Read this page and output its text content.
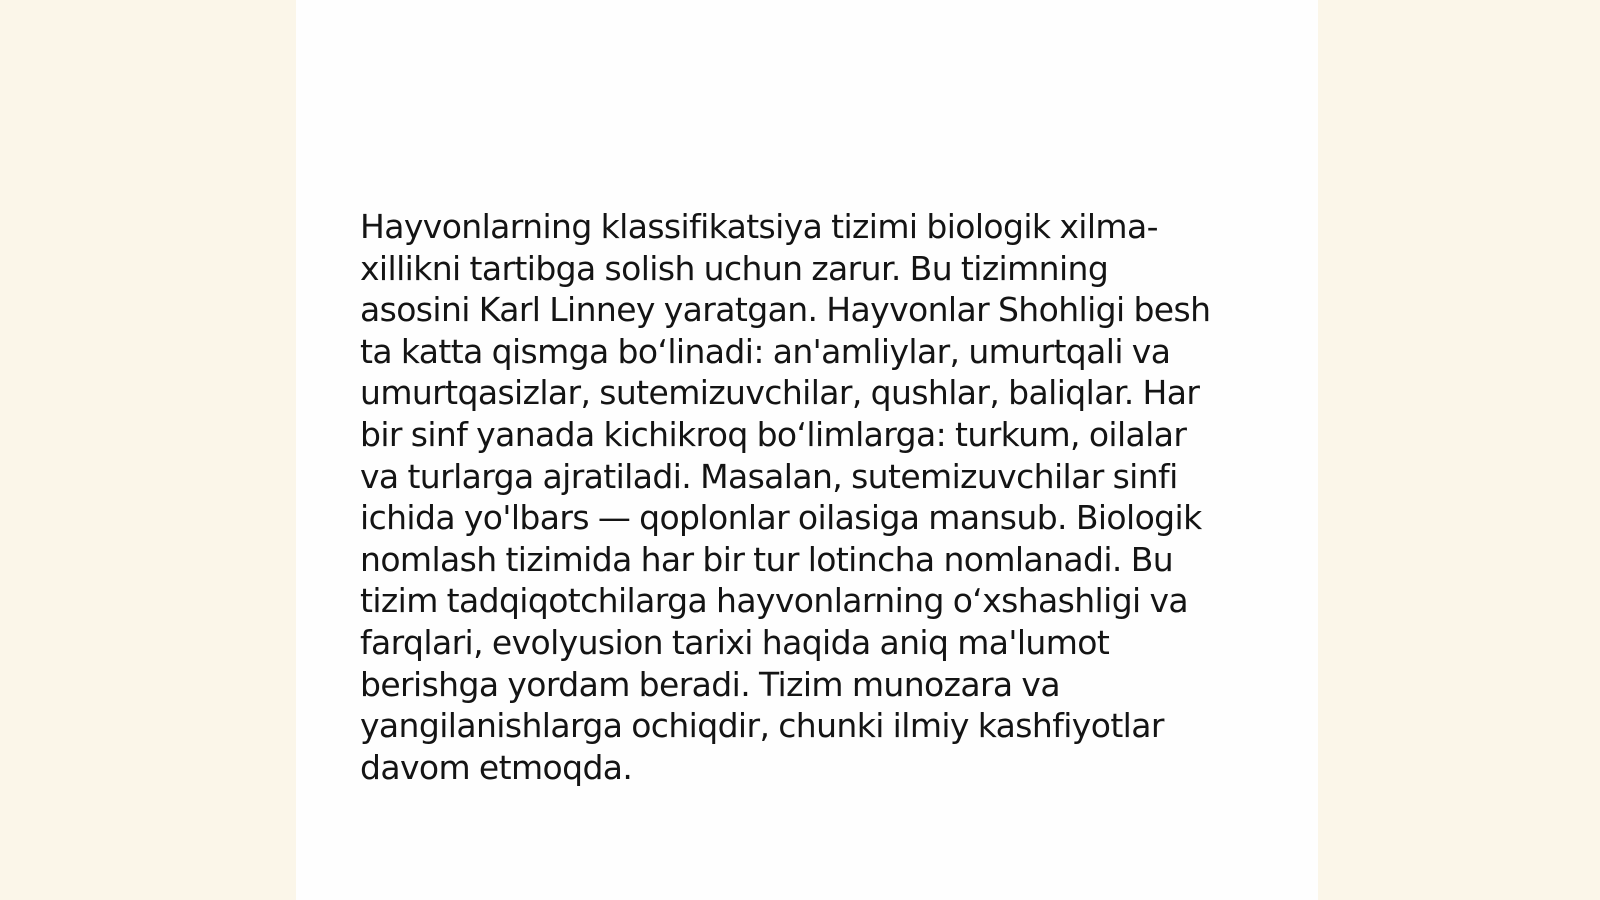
Hayvonlarning klassifikatsiya tizimi biologik xilma-
xillikni tartibga solish uchun zarur. Bu tizimning
asosini Karl Linney yaratgan. Hayvonlar Shohligi besh
ta katta qismga bo‘linadi: an'amliylar, umurtqali va
umurtqasizlar, sutemizuvchilar, qushlar, baliqlar. Har
bir sinf yanada kichikroq bo‘limlarga: turkum, oilalar
va turlarga ajratiladi. Masalan, sutemizuvchilar sinfi
ichida yo'lbars — qoplonlar oilasiga mansub. Biologik
nomlash tizimida har bir tur lotincha nomlanadi. Bu
tizim tadqiqotchilarga hayvonlarning o‘xshashligi va
farqlari, evolyusion tarixi haqida aniq ma'lumot
berishga yordam beradi. Tizim munozara va
yangilanishlarga ochiqdir, chunki ilmiy kashfiyotlar
davom etmoqda.
